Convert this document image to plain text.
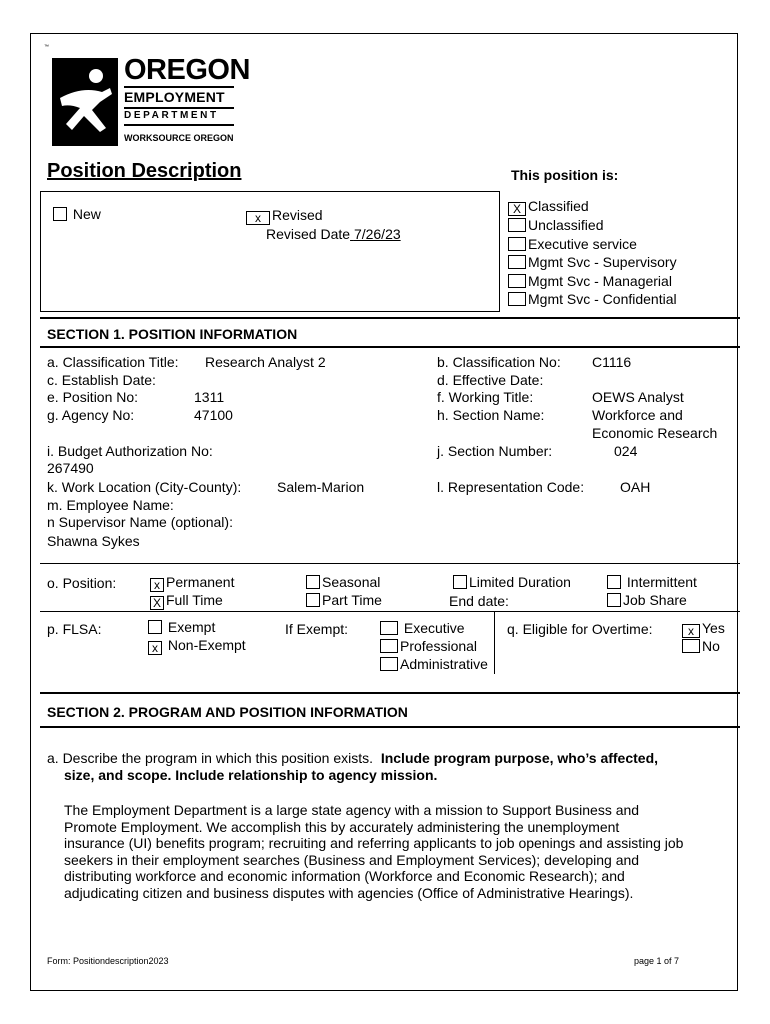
™
OREGON
EMPLOYMENT
DEPARTMENT
WORKSOURCE OREGON
Position Description	This position is:
New	x Revised
Revised Date 7/26/23
X Classified
Unclassified
Executive service
Mgmt Svc - Supervisory
Mgmt Svc - Managerial
Mgmt Svc - Confidential
SECTION 1. POSITION INFORMATION
a. Classification Title: Research Analyst 2	b. Classification No: C1116
c. Establish Date:	d. Effective Date:
e. Position No:	1311	f. Working Title:	OEWS Analyst
g. Agency No:	47100	h. Section Name:	Workforce and
Economic Research
i. Budget Authorization No:
267490
j. Section Number:	024
k. Work Location (City-County):	Salem-Marion	l. Representation Code:	OAH
m. Employee Name:
n Supervisor Name (optional):
Shawna Sykes
o. Position:	x Permanent
X Full Time
Seasonal
Part Time
Limited Duration
End date:
Intermittent
Job Share
p. FLSA:	Exempt
x Non-Exempt
If Exempt:	Executive
Professional
Administrative
q. Eligible for Overtime:	x Yes
No
SECTION 2. PROGRAM AND POSITION INFORMATION
a. Describe the program in which this position exists. Include program purpose, who’s affected,
size, and scope. Include relationship to agency mission.
The Employment Department is a large state agency with a mission to Support Business and
Promote Employment. We accomplish this by accurately administering the unemployment
insurance (UI) benefits program; recruiting and referring applicants to job openings and assisting job
seekers in their employment searches (Business and Employment Services); developing and
distributing workforce and economic information (Workforce and Economic Research); and
adjudicating citizen and business disputes with agencies (Office of Administrative Hearings).
Form: Positiondescription2023	page 1 of 7
